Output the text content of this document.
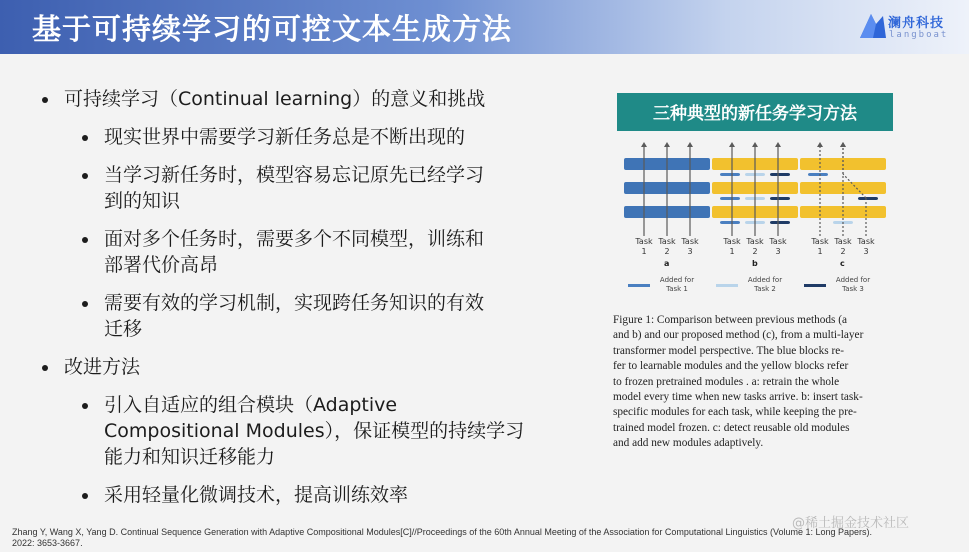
基于可持续学习的可控文本生成方法	澜舟科技
langboat
可持续学习（Continual learning）的意义和挑战
现实世界中需要学习新任务总是不断出现的
当学习新任务时，模型容易忘记原先已经学习
到的知识
面对多个任务时，需要多个不同模型，训练和
部署代价高昂
需要有效的学习机制，实现跨任务知识的有效
迁移
改进方法
引入自适应的组合模块（Adaptive
Compositional Modules），保证模型的持续学习
能力和知识迁移能力
采用轻量化微调技术，提高训练效率
三种典型的新任务学习方法
Task
1
Task
2
Task
3
a
Task
1
Task
2
Task
3
b
Task
1
Task
2
Task
3
c
Added for
Task 1
Added for
Task 2
Added for
Task 3
Figure 1: Comparison between previous methods (a
and b) and our proposed method (c), from a multi-layer
transformer model perspective. The blue blocks re-
fer to learnable modules and the yellow blocks refer
to frozen pretrained modules . a: retrain the whole
model every time when new tasks arrive. b: insert task-
specific modules for each task, while keeping the pre-
trained model frozen. c: detect reusable old modules
and add new modules adaptively.
Zhang Y, Wang X, Yang D. Continual Sequence Generation with Adaptive Compositional Modules[C]//Proceedings of the 60th Annual Meeting of the Association for Computational Linguistics (Volume 1: Long Papers).
2022: 3653-3667.
@稀土掘金技术社区
